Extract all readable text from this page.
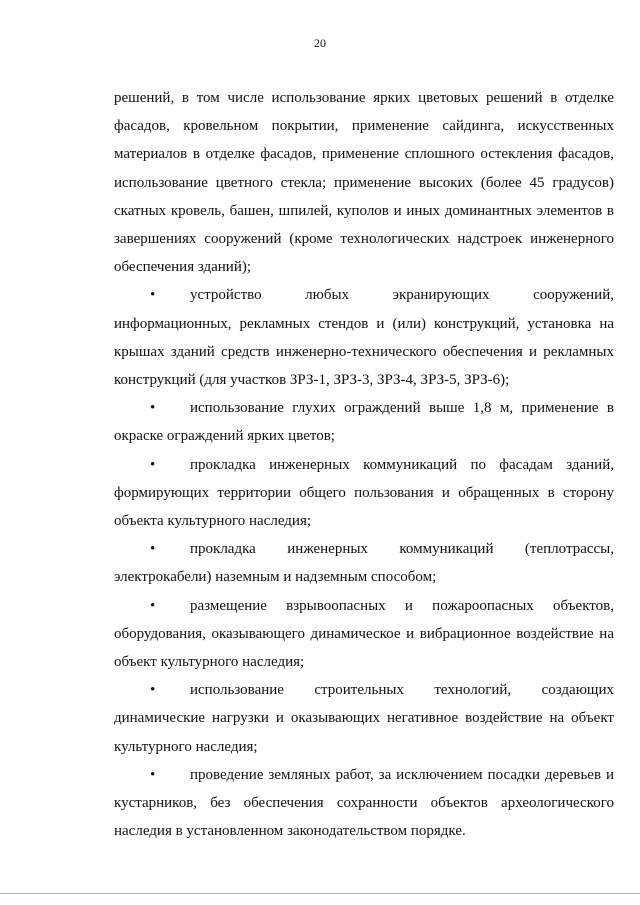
20

решений, в том числе использование ярких цветовых решений в отделке фасадов, кровельном покрытии, применение сайдинга, искусственных материалов в отделке фасадов, применение сплошного остекления фасадов, использование цветного стекла; применение высоких (более 45 градусов) скатных кровель, башен, шпилей, куполов и иных доминантных элементов в завершениях сооружений (кроме технологических надстроек инженерного обеспечения зданий);

• устройство любых экранирующих сооружений, информационных, рекламных стендов и (или) конструкций, установка на крышах зданий средств инженерно-технического обеспечения и рекламных конструкций (для участков ЗРЗ-1, ЗРЗ-3, ЗРЗ-4, ЗРЗ-5, ЗРЗ-6);

• использование глухих ограждений выше 1,8 м, применение в окраске ограждений ярких цветов;

• прокладка инженерных коммуникаций по фасадам зданий, формирующих территории общего пользования и обращенных в сторону объекта культурного наследия;

• прокладка инженерных коммуникаций (теплотрассы, электрокабели) наземным и надземным способом;

• размещение взрывоопасных и пожароопасных объектов, оборудования, оказывающего динамическое и вибрационное воздействие на объект культурного наследия;

• использование строительных технологий, создающих динамические нагрузки и оказывающих негативное воздействие на объект культурного наследия;

• проведение земляных работ, за исключением посадки деревьев и кустарников, без обеспечения сохранности объектов археологического наследия в установленном законодательством порядке.
